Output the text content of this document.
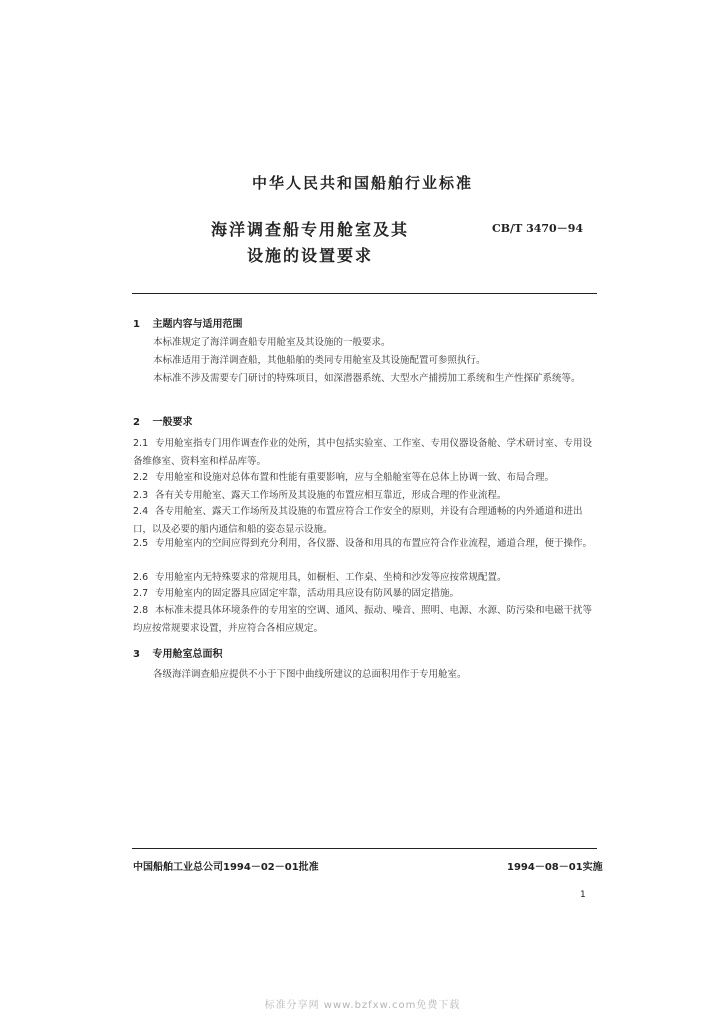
中华人民共和国船舶行业标准
海洋调查船专用舱室及其
设施的设置要求
CB/T 3470－94
1 主题内容与适用范围
本标准规定了海洋调查船专用舱室及其设施的一般要求。
本标准适用于海洋调查船，其他船舶的类同专用舱室及其设施配置可参照执行。
本标准不涉及需要专门研讨的特殊项目，如深潜器系统、大型水产捕捞加工系统和生产性探矿系统等。
2 一般要求
2.1 专用舱室指专门用作调查作业的处所，其中包括实验室、工作室、专用仪器设备舱、学术研讨室、专用设备维修室、资料室和样品库等。
2.2 专用舱室和设施对总体布置和性能有重要影响，应与全船舱室等在总体上协调一致、布局合理。
2.3 各有关专用舱室、露天工作场所及其设施的布置应相互靠近，形成合理的作业流程。
2.4 各专用舱室、露天工作场所及其设施的布置应符合工作安全的原则，并设有合理通畅的内外通道和进出口，以及必要的船内通信和船的姿态显示设施。
2.5 专用舱室内的空间应得到充分利用，各仪器、设备和用具的布置应符合作业流程，通道合理，便于操作。
2.6 专用舱室内无特殊要求的常规用具，如橱柜、工作桌、坐椅和沙发等应按常规配置。
2.7 专用舱室内的固定器具应固定牢靠，活动用具应设有防风暴的固定措施。
2.8 本标准未提具体环境条件的专用室的空调、通风、振动、噪音、照明、电源、水源、防污染和电磁干扰等均应按常规要求设置，并应符合各相应规定。
3 专用舱室总面积
各级海洋调查船应提供不小于下图中曲线所建议的总面积用作于专用舱室。
中国船舶工业总公司1994－02－01批准	1994－08－01实施
1
标准分享网 www.bzfxw.com免费下载
